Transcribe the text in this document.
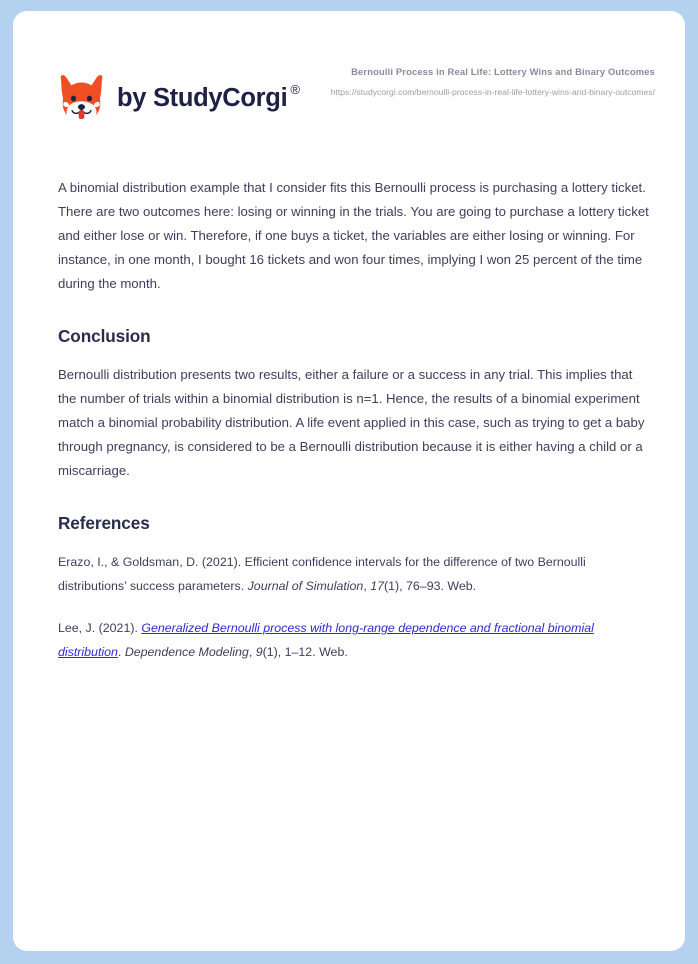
by StudyCorgi ®

Bernoulli Process in Real Life: Lottery Wins and Binary Outcomes

https://studycorgi.com/bernoulli-process-in-real-life-lottery-wins-and-binary-outcomes/

A binomial distribution example that I consider fits this Bernoulli process is purchasing a lottery ticket. There are two outcomes here: losing or winning in the trials. You are going to purchase a lottery ticket and either lose or win. Therefore, if one buys a ticket, the variables are either losing or winning. For instance, in one month, I bought 16 tickets and won four times, implying I won 25 percent of the time during the month.

Conclusion

Bernoulli distribution presents two results, either a failure or a success in any trial. This implies that the number of trials within a binomial distribution is n=1. Hence, the results of a binomial experiment match a binomial probability distribution. A life event applied in this case, such as trying to get a baby through pregnancy, is considered to be a Bernoulli distribution because it is either having a child or a miscarriage.

References

Erazo, I., & Goldsman, D. (2021). Efficient confidence intervals for the difference of two Bernoulli distributions’ success parameters. Journal of Simulation, 17(1), 76–93. Web.

Lee, J. (2021). Generalized Bernoulli process with long-range dependence and fractional binomial distribution. Dependence Modeling, 9(1), 1–12. Web.
